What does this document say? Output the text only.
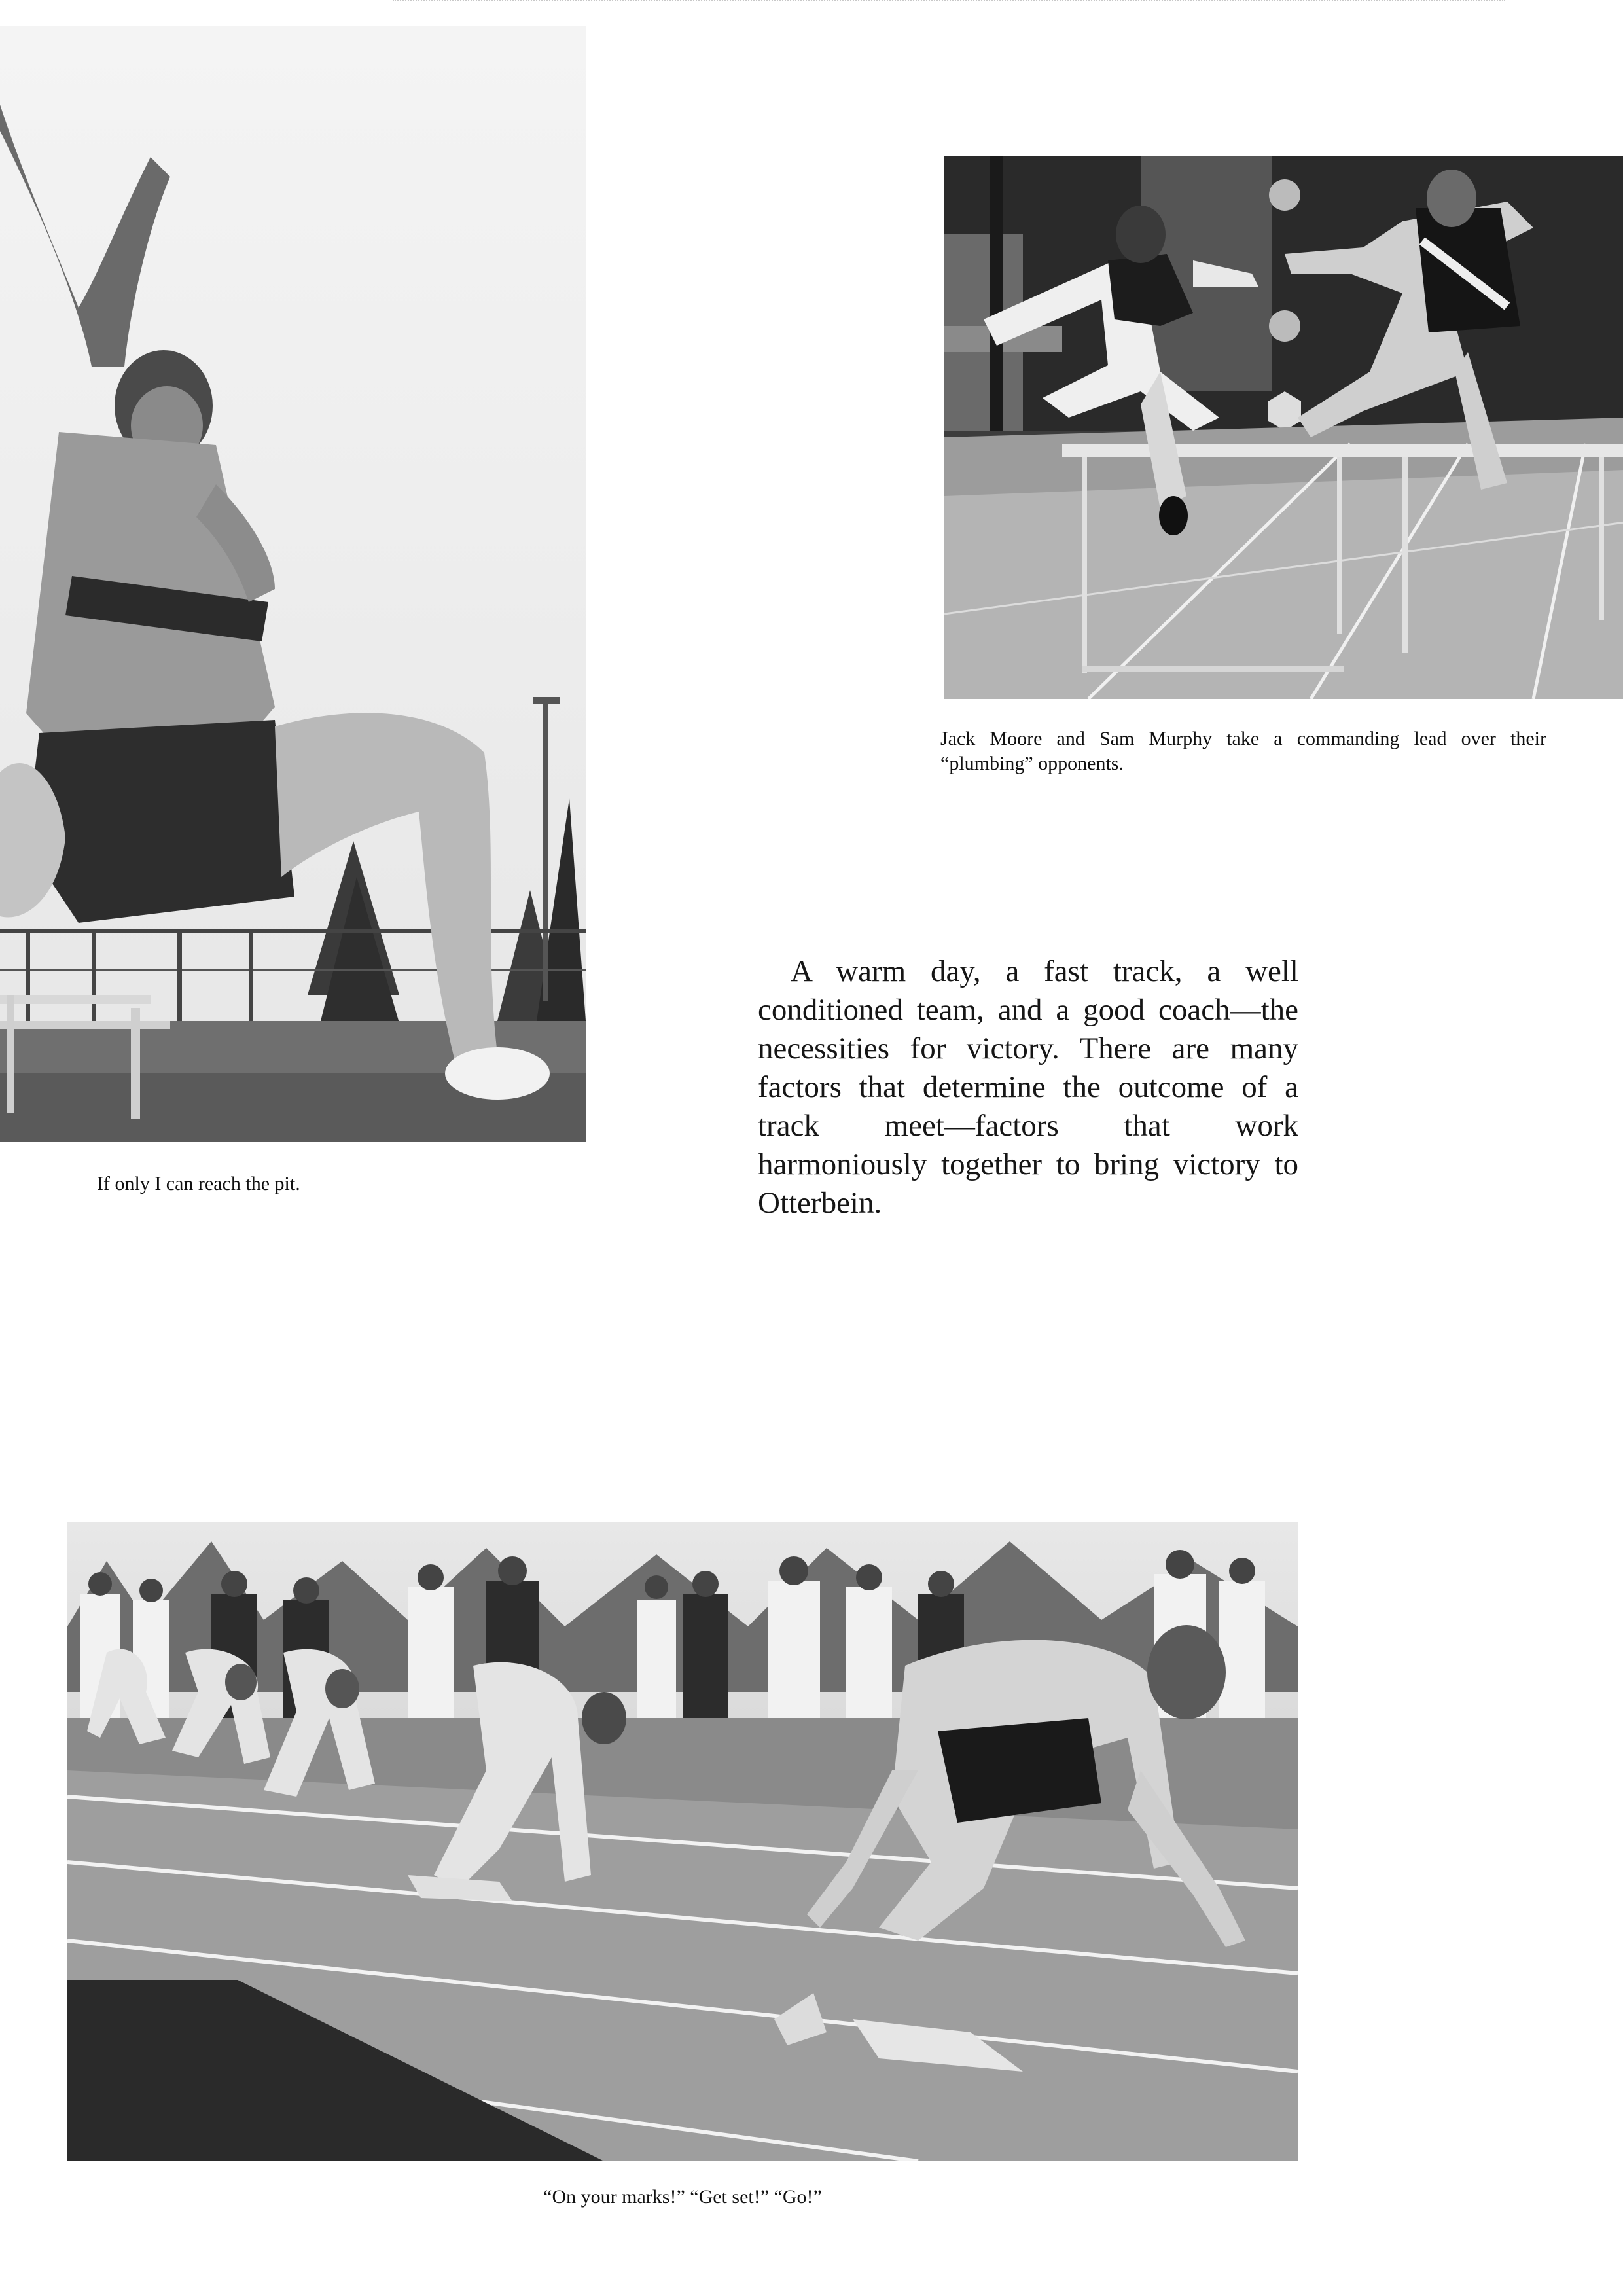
Jack Moore and Sam Murphy take a commanding lead over their “plumbing” opponents.

A warm day, a fast track, a well conditioned team, and a good coach—the necessities for victory. There are many factors that determine the outcome of a track meet—factors that work harmoniously together to bring victory to Otterbein.

If only I can reach the pit.

“On your marks!” “Get set!” “Go!”
